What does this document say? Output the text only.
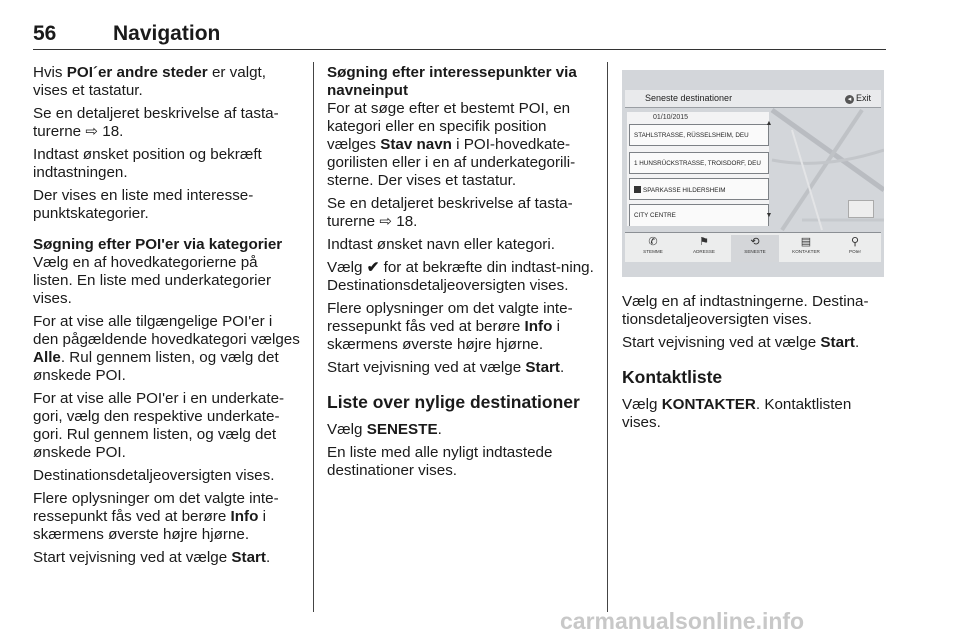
56	Navigation

Hvis POI´er andre steder er valgt, vises et tastatur.

Se en detaljeret beskrivelse af tasta-turerne ⇨ 18.

Indtast ønsket position og bekræft indtastningen.

Der vises en liste med interesse-punktskategorier.

Søgning efter POI'er via kategorier

Vælg en af hovedkategorierne på listen. En liste med underkategorier vises.

For at vise alle tilgængelige POI'er i den pågældende hovedkategori vælges Alle. Rul gennem listen, og vælg det ønskede POI.

For at vise alle POI'er i en underkate-gori, vælg den respektive underkate-gori. Rul gennem listen, og vælg det ønskede POI.

Destinationsdetaljeoversigten vises.

Flere oplysninger om det valgte inte-ressepunkt fås ved at berøre Info i skærmens øverste højre hjørne.

Start vejvisning ved at vælge Start.

Søgning efter interessepunkter via navneinput

For at søge efter et bestemt POI, en kategori eller en specifik position vælges Stav navn i POI-hovedkate-gorilisten eller i en af underkategorili-sterne. Der vises et tastatur.

Se en detaljeret beskrivelse af tasta-turerne ⇨ 18.

Indtast ønsket navn eller kategori.

Vælg ✔ for at bekræfte din indtast-ning. Destinationsdetaljeoversigten vises.

Flere oplysninger om det valgte inte-ressepunkt fås ved at berøre Info i skærmens øverste højre hjørne.

Start vejvisning ved at vælge Start.

Liste over nylige destinationer

Vælg SENESTE.

En liste med alle nyligt indtastede destinationer vises.

Seneste destinationer	◂ Exit
01/10/2015
STAHLSTRASSE, RÜSSELSHEIM, DEU
1 HUNSRÜCKSTRASSE, TROISDORF, DEU
SPARKASSE HILDERSHEIM
CITY CENTRE
▲
▼
✆
STEMME
⚑
ADRESSE
⟲
SENESTE
▤
KONTAKTER
⚲
POIer

Vælg en af indtastningerne. Destina-tionsdetaljeoversigten vises.

Start vejvisning ved at vælge Start.

Kontaktliste

Vælg KONTAKTER. Kontaktlisten vises.

carmanualsonline.info
